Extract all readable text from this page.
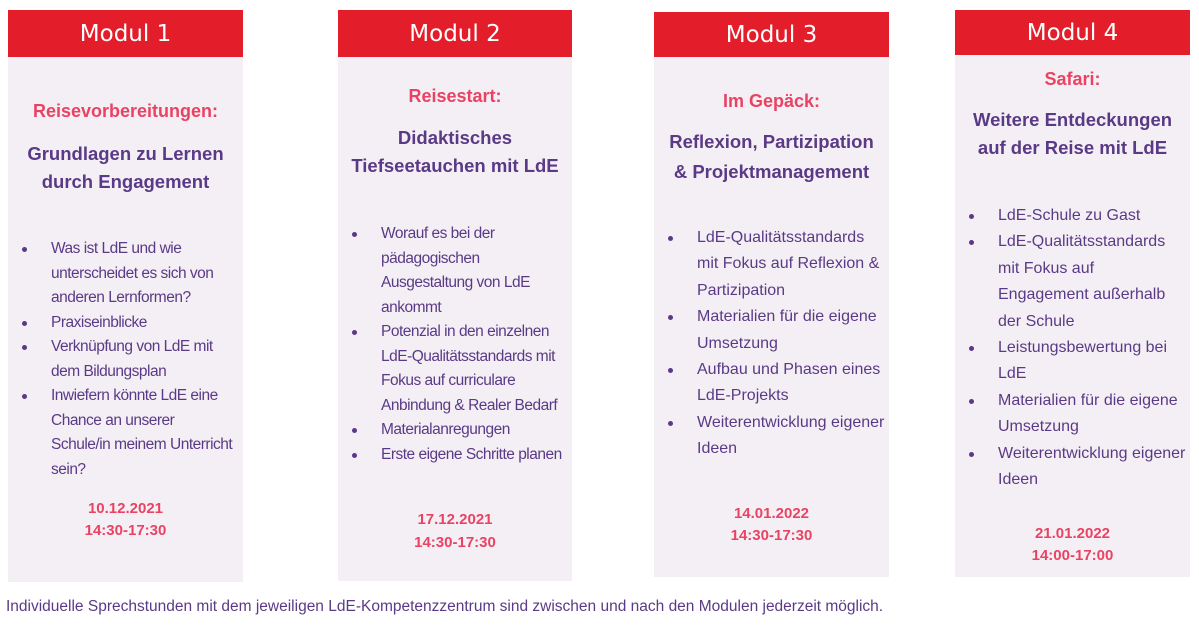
Reisevorbereitungen:
Grundlagen zu Lernen durch Engagement
Was ist LdE und wie unterscheidet es sich von anderen Lernformen?
Praxiseinblicke
Verknüpfung von LdE mit dem Bildungsplan
Inwiefern könnte LdE eine Chance an unserer Schule/in meinem Unterricht sein?
10.12.2021
14:30-17:30
Modul 1
Reisestart:
Didaktisches Tiefseetauchen mit LdE
Worauf es bei der pädagogischen Ausgestaltung von LdE ankommt
Potenzial in den einzelnen LdE-Qualitätsstandards mit Fokus auf curriculare Anbindung & Realer Bedarf
Materialanregungen
Erste eigene Schritte planen
17.12.2021
14:30-17:30
Modul 2
Im Gepäck:
Reflexion, Partizipation & Projektmanagement
LdE-Qualitätsstandards mit Fokus auf Reflexion & Partizipation
Materialien für die eigene Umsetzung
Aufbau und Phasen eines LdE-Projekts
Weiterentwicklung eigener Ideen
14.01.2022
14:30-17:30
Modul 3
Safari:
Weitere Entdeckungen auf der Reise mit LdE
LdE-Schule zu Gast
LdE-Qualitätsstandards mit Fokus auf Engagement außerhalb der Schule
Leistungsbewertung bei LdE
Materialien für die eigene Umsetzung
Weiterentwicklung eigener Ideen
21.01.2022
14:00-17:00
Modul 4
Individuelle Sprechstunden mit dem jeweiligen LdE-Kompetenzzentrum sind zwischen und nach den Modulen jederzeit möglich.
